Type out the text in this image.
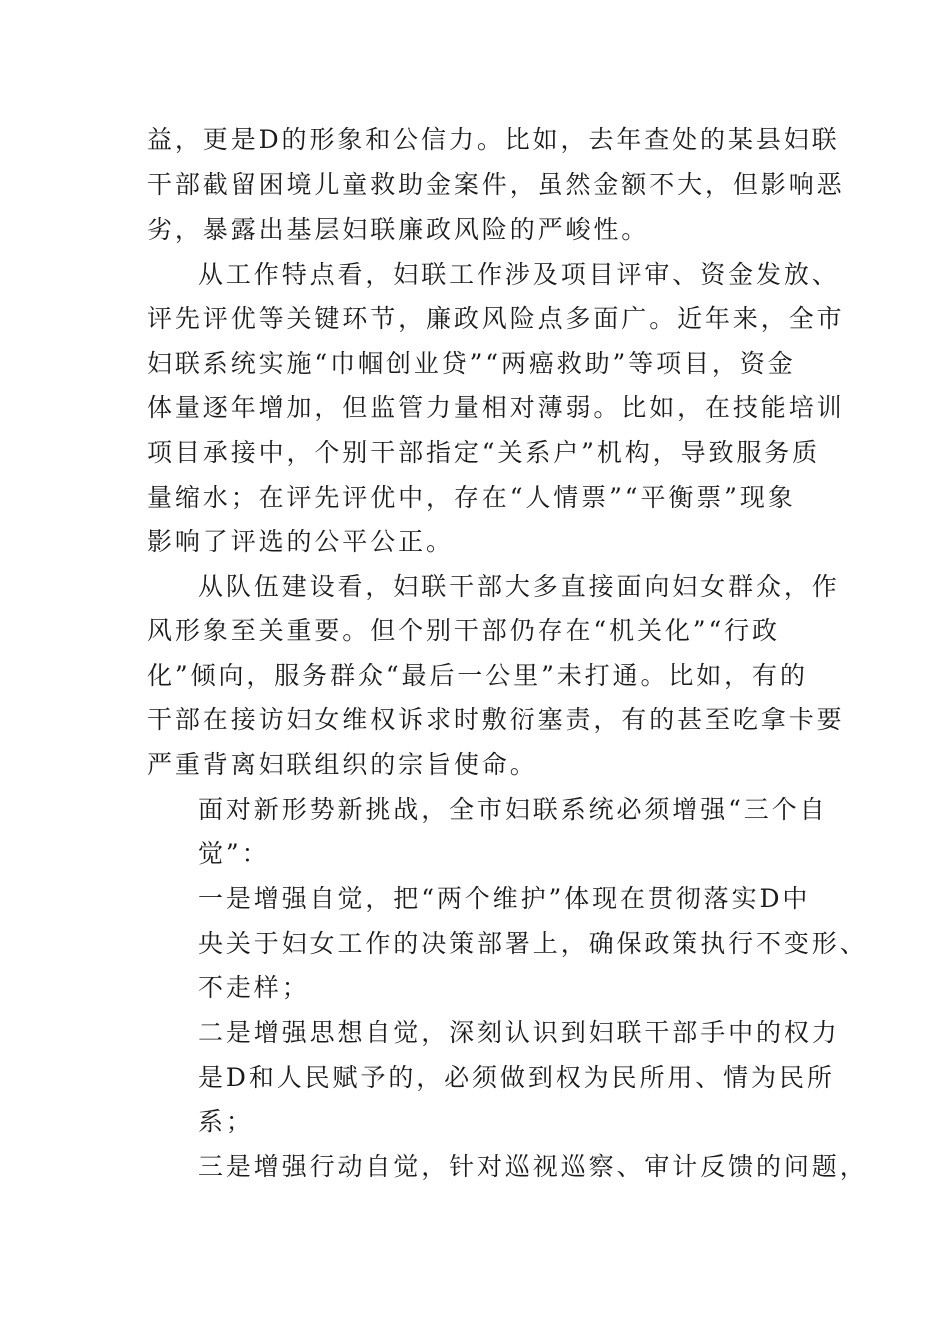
益，更是D的形象和公信力。比如，去年查处的某县妇联
干部截留困境儿童救助金案件，虽然金额不大，但影响恶
劣，暴露出基层妇联廉政风险的严峻性。
从工作特点看，妇联工作涉及项目评审、资金发放、
评先评优等关键环节，廉政风险点多面广。近年来，全市
妇联系统实施“巾帼创业贷”“两癌救助”等项目，资金
体量逐年增加，但监管力量相对薄弱。比如，在技能培训
项目承接中，个别干部指定“关系户”机构，导致服务质
量缩水；在评先评优中，存在“人情票”“平衡票”现象
影响了评选的公平公正。
从队伍建设看，妇联干部大多直接面向妇女群众，作
风形象至关重要。但个别干部仍存在“机关化”“行政
化”倾向，服务群众“最后一公里”未打通。比如，有的
干部在接访妇女维权诉求时敷衍塞责，有的甚至吃拿卡要
严重背离妇联组织的宗旨使命。
面对新形势新挑战，全市妇联系统必须增强“三个自
觉”：
一是增强自觉，把“两个维护”体现在贯彻落实D中
央关于妇女工作的决策部署上，确保政策执行不变形、
不走样；
二是增强思想自觉，深刻认识到妇联干部手中的权力
是D和人民赋予的，必须做到权为民所用、情为民所
系；
三是增强行动自觉，针对巡视巡察、审计反馈的问题，
